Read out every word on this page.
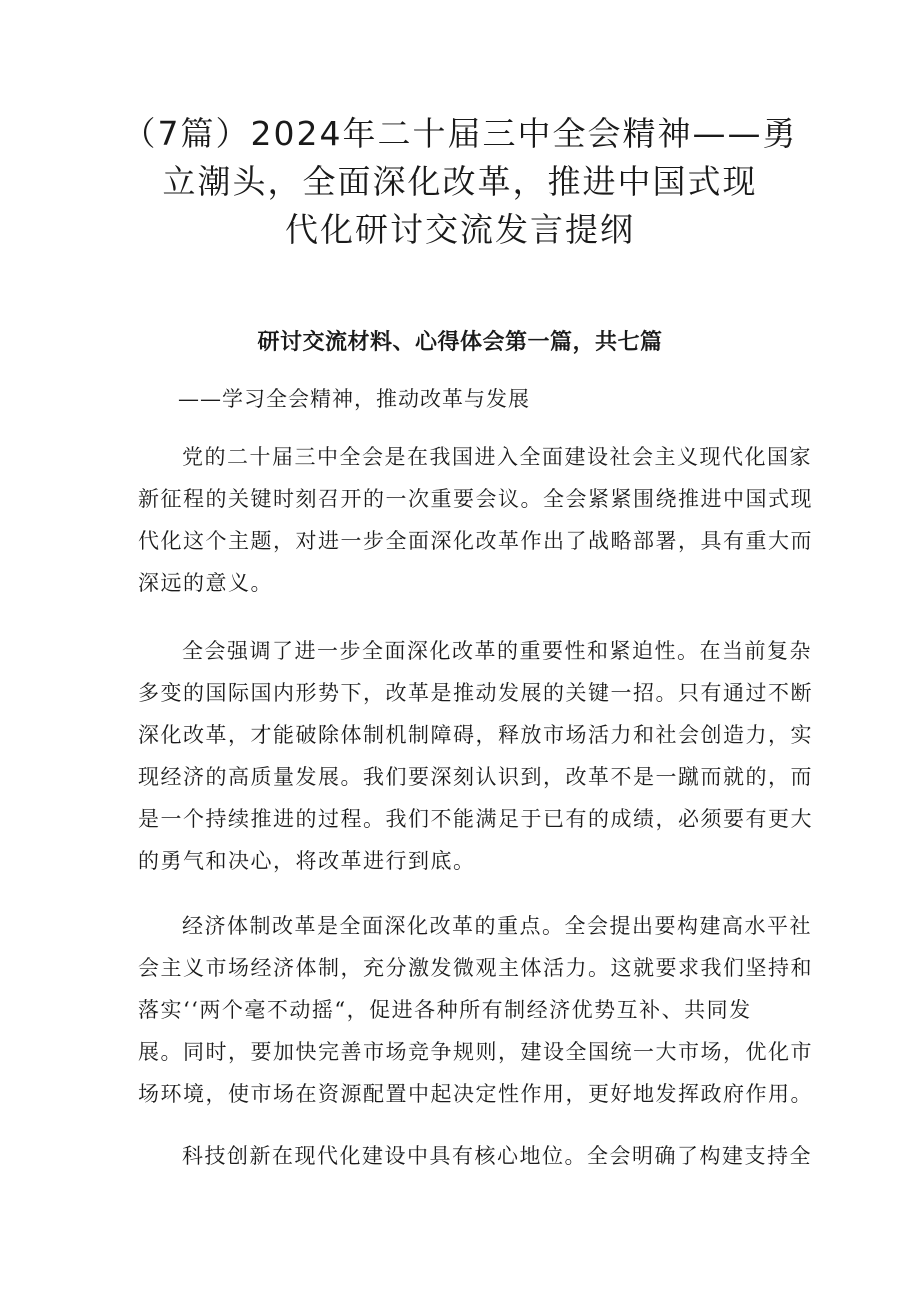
（7篇）2024年二十届三中全会精神——勇
立潮头，全面深化改革，推进中国式现
代化研讨交流发言提纲
研讨交流材料、心得体会第一篇，共七篇

——学习全会精神，推动改革与发展

党的二十届三中全会是在我国进入全面建设社会主义现代化国家
新征程的关键时刻召开的一次重要会议。全会紧紧围绕推进中国式现
代化这个主题，对进一步全面深化改革作出了战略部署，具有重大而
深远的意义。
全会强调了进一步全面深化改革的重要性和紧迫性。在当前复杂
多变的国际国内形势下，改革是推动发展的关键一招。只有通过不断
深化改革，才能破除体制机制障碍，释放市场活力和社会创造力，实
现经济的高质量发展。我们要深刻认识到，改革不是一蹴而就的，而
是一个持续推进的过程。我们不能满足于已有的成绩，必须要有更大
的勇气和决心，将改革进行到底。
经济体制改革是全面深化改革的重点。全会提出要构建高水平社
会主义市场经济体制，充分激发微观主体活力。这就要求我们坚持和
落实‘‘两个毫不动摇“，促进各种所有制经济优势互补、共同发
展。同时，要加快完善市场竞争规则，建设全国统一大市场，优化市
场环境，使市场在资源配置中起决定性作用，更好地发挥政府作用。
科技创新在现代化建设中具有核心地位。全会明确了构建支持全
